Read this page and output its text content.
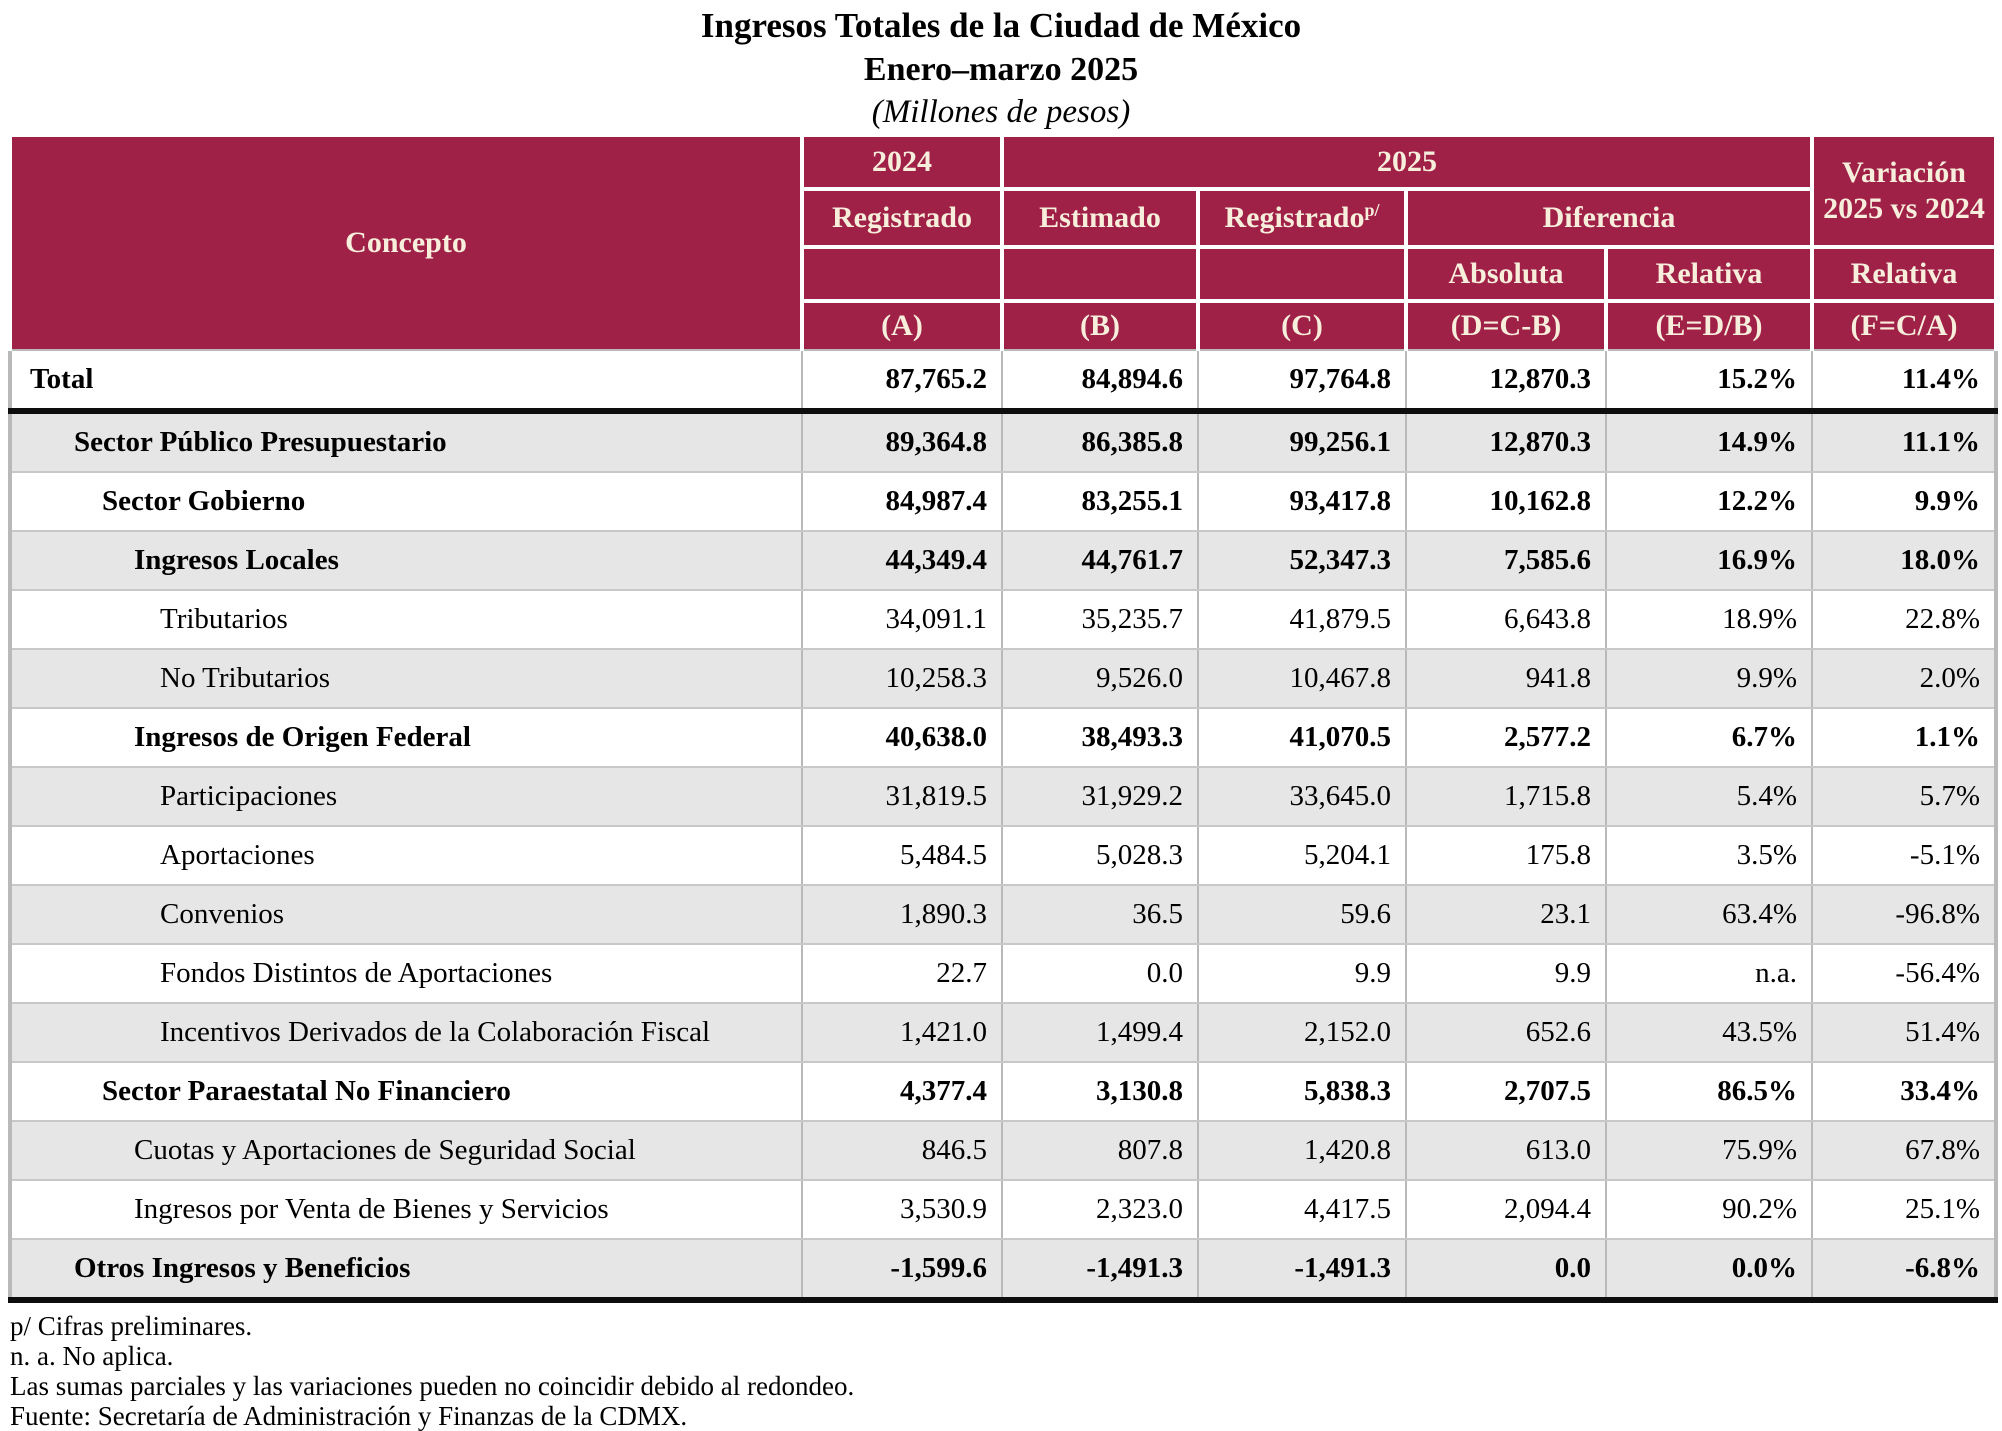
Ingresos Totales de la Ciudad de México
Enero–marzo 2025
(Millones de pesos)
Concepto	2024	2025				Variación 2025 vs 2024
	Registrado	Estimado	Registrado$^{p/}$	Diferencia		
				Absoluta	Relativa	Relativa
	(A)	(B)	(C)	(D=C-B)	(E=D/B)	(F=C/A)
Total	87,765.2	84,894.6	97,764.8	12,870.3	15.2%	11.4%
Sector Público Presupuestario	89,364.8	86,385.8	99,256.1	12,870.3	14.9%	11.1%
Sector Gobierno	84,987.4	83,255.1	93,417.8	10,162.8	12.2%	9.9%
Ingresos Locales	44,349.4	44,761.7	52,347.3	7,585.6	16.9%	18.0%
Tributarios	34,091.1	35,235.7	41,879.5	6,643.8	18.9%	22.8%
No Tributarios	10,258.3	9,526.0	10,467.8	941.8	9.9%	2.0%
Ingresos de Origen Federal	40,638.0	38,493.3	41,070.5	2,577.2	6.7%	1.1%
Participaciones	31,819.5	31,929.2	33,645.0	1,715.8	5.4%	5.7%
Aportaciones	5,484.5	5,028.3	5,204.1	175.8	3.5%	-5.1%
Convenios	1,890.3	36.5	59.6	23.1	63.4%	-96.8%
Fondos Distintos de Aportaciones	22.7	0.0	9.9	9.9	n.a.	-56.4%
Incentivos Derivados de la Colaboración Fiscal	1,421.0	1,499.4	2,152.0	652.6	43.5%	51.4%
Sector Paraestatal No Financiero	4,377.4	3,130.8	5,838.3	2,707.5	86.5%	33.4%
Cuotas y Aportaciones de Seguridad Social	846.5	807.8	1,420.8	613.0	75.9%	67.8%
Ingresos por Venta de Bienes y Servicios	3,530.9	2,323.0	4,417.5	2,094.4	90.2%	25.1%
Otros Ingresos y Beneficios	-1,599.6	-1,491.3	-1,491.3	0.0	0.0%	-6.8%
p/ Cifras preliminares.
n. a. No aplica.
Las sumas parciales y las variaciones pueden no coincidir debido al redondeo.
Fuente: Secretaría de Administración y Finanzas de la CDMX.
